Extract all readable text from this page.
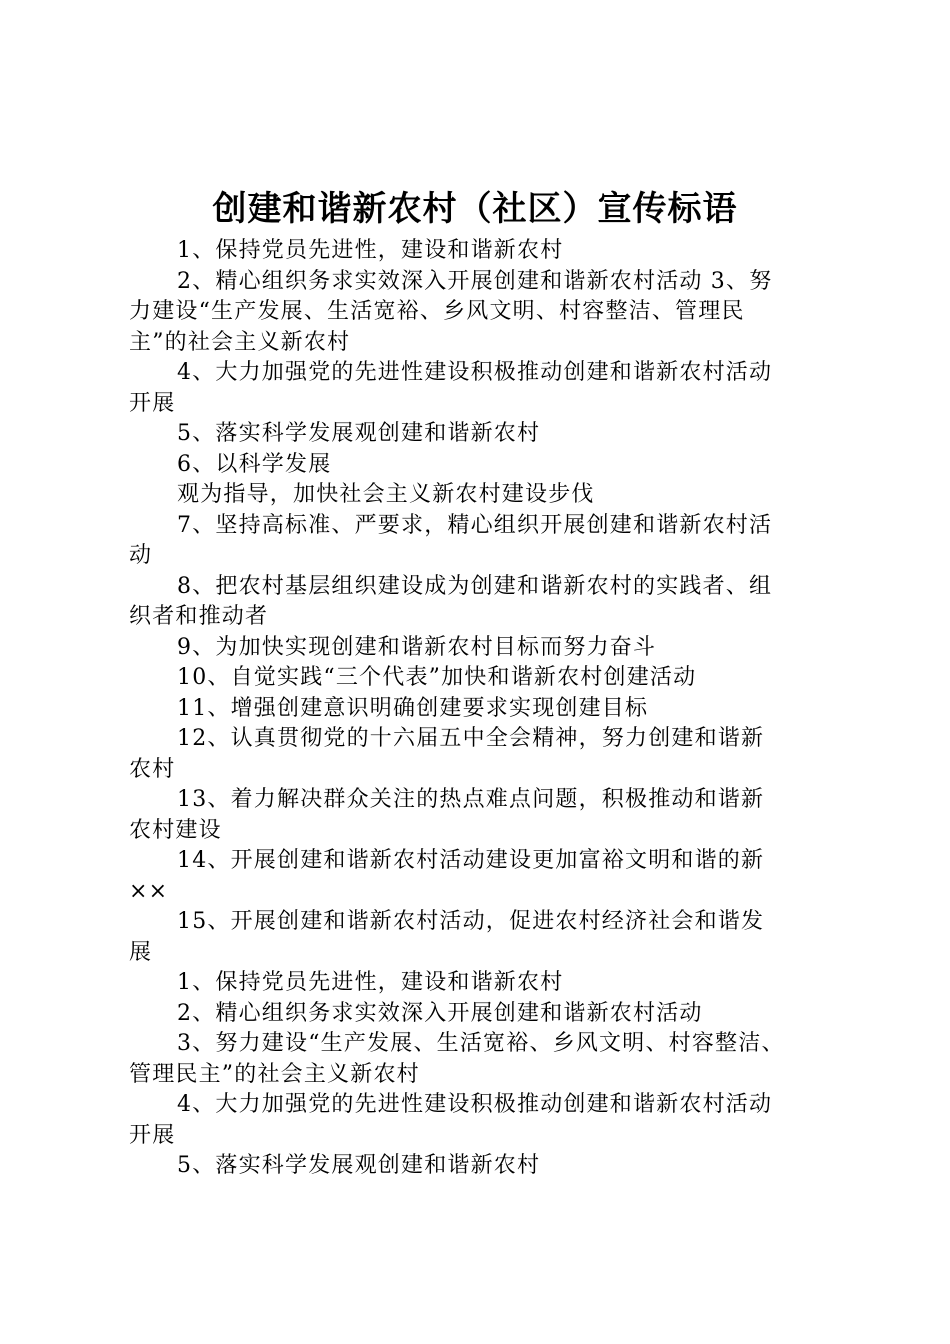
创建和谐新农村（社区）宣传标语
1、保持党员先进性，建设和谐新农村
2、精心组织务求实效深入开展创建和谐新农村活动 3、努
力建设“生产发展、生活宽裕、乡风文明、村容整洁、管理民
主”的社会主义新农村
4、大力加强党的先进性建设积极推动创建和谐新农村活动
开展
5、落实科学发展观创建和谐新农村
6、以科学发展
观为指导，加快社会主义新农村建设步伐
7、坚持高标准、严要求，精心组织开展创建和谐新农村活
动
8、把农村基层组织建设成为创建和谐新农村的实践者、组
织者和推动者
9、为加快实现创建和谐新农村目标而努力奋斗
10、自觉实践“三个代表”加快和谐新农村创建活动
11、增强创建意识明确创建要求实现创建目标
12、认真贯彻党的十六届五中全会精神，努力创建和谐新
农村
13、着力解决群众关注的热点难点问题，积极推动和谐新
农村建设
14、开展创建和谐新农村活动建设更加富裕文明和谐的新
××
15、开展创建和谐新农村活动，促进农村经济社会和谐发
展
1、保持党员先进性，建设和谐新农村
2、精心组织务求实效深入开展创建和谐新农村活动
3、努力建设“生产发展、生活宽裕、乡风文明、村容整洁、
管理民主”的社会主义新农村
4、大力加强党的先进性建设积极推动创建和谐新农村活动
开展
5、落实科学发展观创建和谐新农村
